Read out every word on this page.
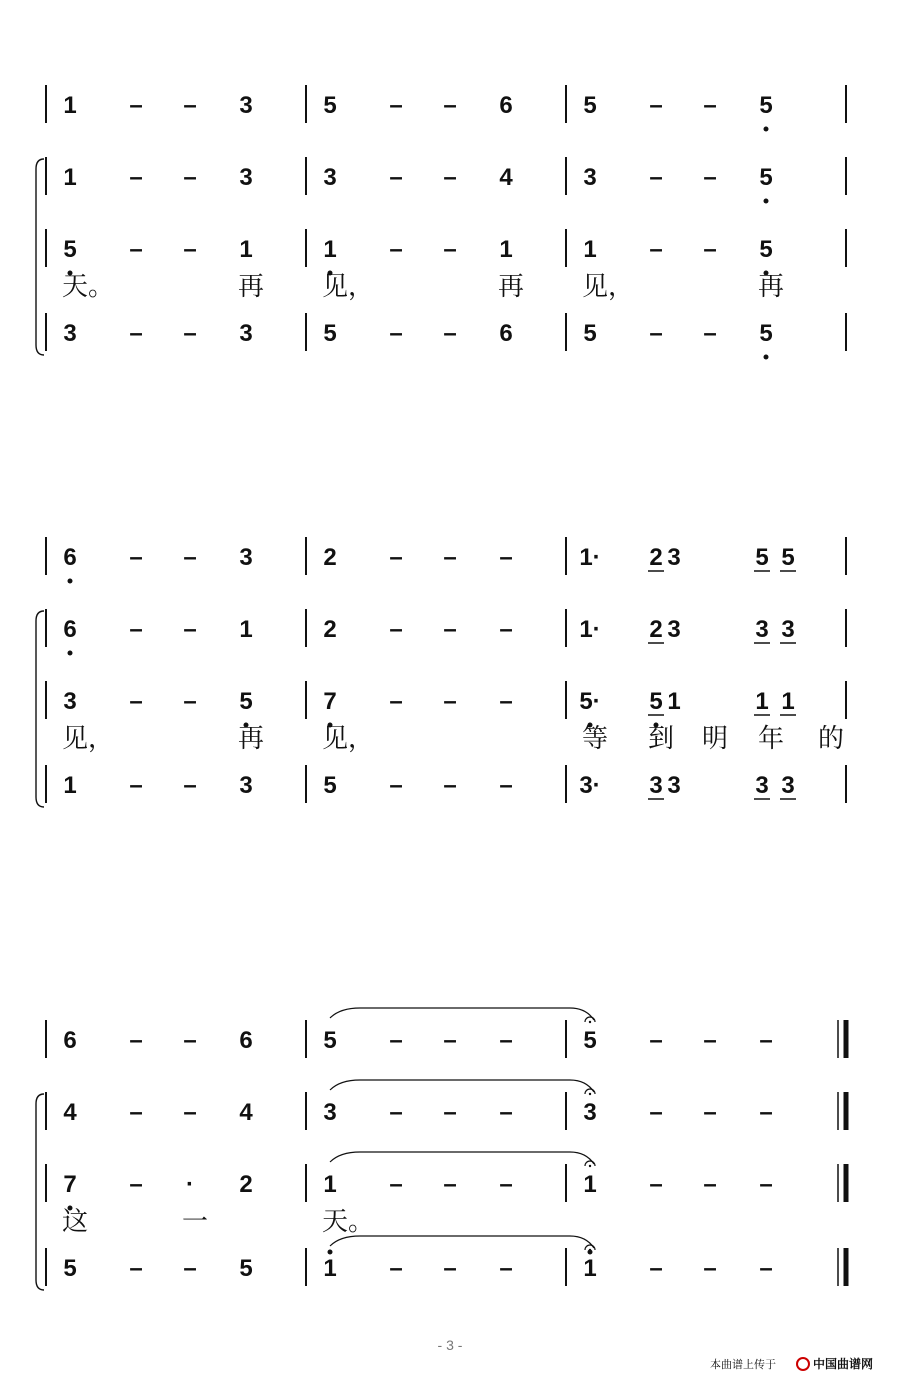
1 – – 3	5 – – 6	5 – – 5
1 – – 3	3 – – 4	3 – – 5
5 – – 1	1 – – 1	1 – – 5
天。	再 见，	再 见，	再
3 – – 3	5 – – 6	5 – – 5
6 – – 3	2 – – –	1· 2 3	5 5
6 – – 1	2 – – –	1· 2 3	3 3
3 – – 5	7 – – –	5· 5 1	1 1
见，	再 见，	等 到 明 年 的
1 – – 3	5 – – –	3· 3 3	3 3
6 – – 6	5 – – –	5 – – –
4 – – 4	3 – – –	3 – – –
7 – · 2	1 – – –	1 – – –
这	一	天。
5 – – 5	1 – – –	1 – – –
- 3 -
本曲谱上传于	中国曲谱网
